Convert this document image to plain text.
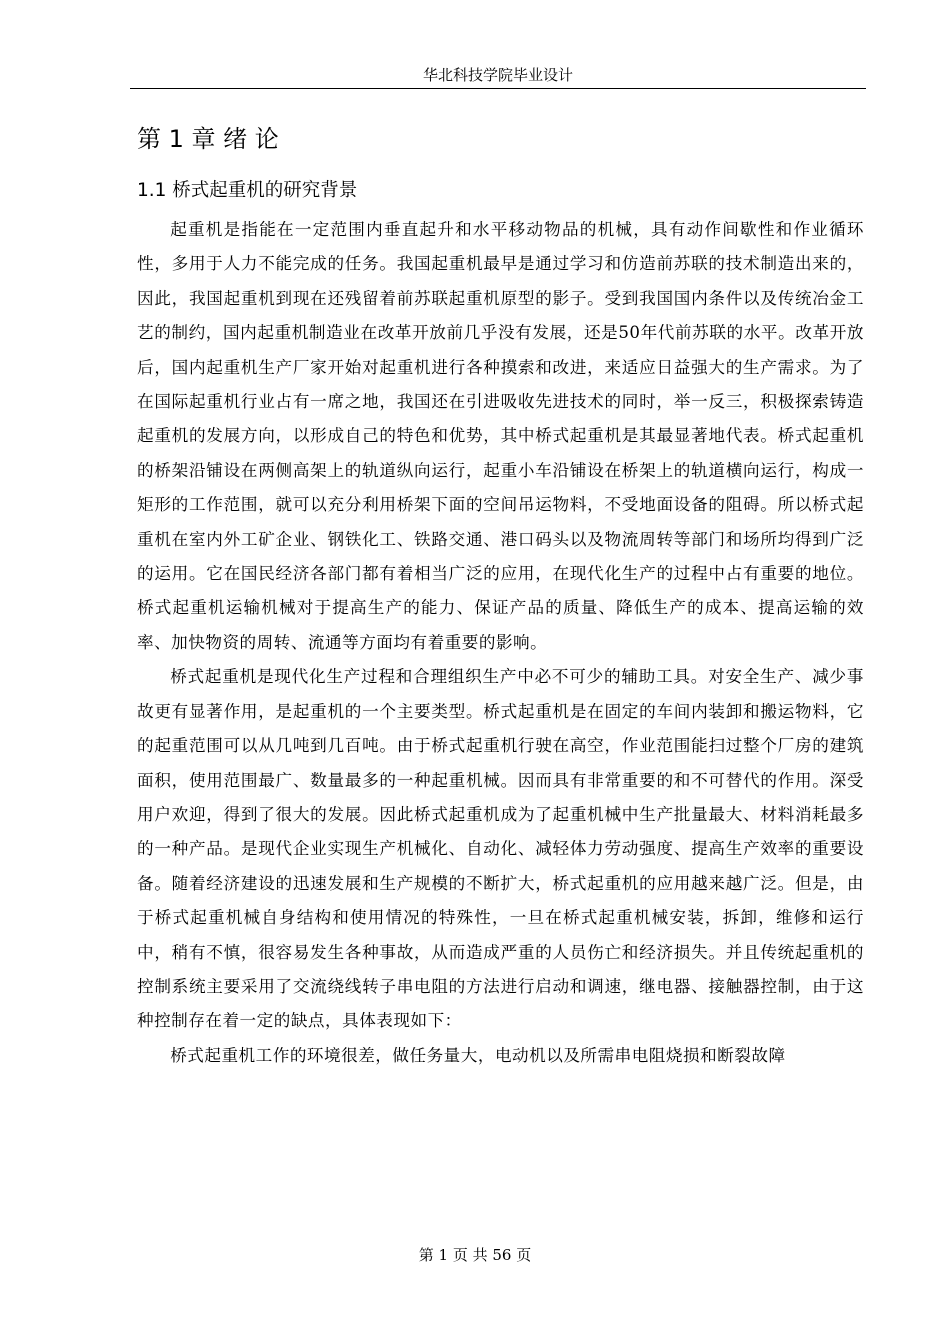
华北科技学院毕业设计
第 1 章 绪 论
1.1 桥式起重机的研究背景

起重机是指能在一定范围内垂直起升和水平移动物品的机械，具有动作间歇性和作业循环性，多用于人力不能完成的任务。我国起重机最早是通过学习和仿造前苏联的技术制造出来的，因此，我国起重机到现在还残留着前苏联起重机原型的影子。受到我国国内条件以及传统冶金工艺的制约，国内起重机制造业在改革开放前几乎没有发展，还是50年代前苏联的水平。改革开放后，国内起重机生产厂家开始对起重机进行各种摸索和改进，来适应日益强大的生产需求。为了在国际起重机行业占有一席之地，我国还在引进吸收先进技术的同时，举一反三，积极探索铸造起重机的发展方向，以形成自己的特色和优势，其中桥式起重机是其最显著地代表。桥式起重机的桥架沿铺设在两侧高架上的轨道纵向运行，起重小车沿铺设在桥架上的轨道横向运行，构成一矩形的工作范围，就可以充分利用桥架下面的空间吊运物料，不受地面设备的阻碍。所以桥式起重机在室内外工矿企业、钢铁化工、铁路交通、港口码头以及物流周转等部门和场所均得到广泛的运用。它在国民经济各部门都有着相当广泛的应用，在现代化生产的过程中占有重要的地位。桥式起重机运输机械对于提高生产的能力、保证产品的质量、降低生产的成本、提高运输的效率、加快物资的周转、流通等方面均有着重要的影响。

桥式起重机是现代化生产过程和合理组织生产中必不可少的辅助工具。对安全生产、减少事故更有显著作用，是起重机的一个主要类型。桥式起重机是在固定的车间内装卸和搬运物料，它的起重范围可以从几吨到几百吨。由于桥式起重机行驶在高空，作业范围能扫过整个厂房的建筑面积，使用范围最广、数量最多的一种起重机械。因而具有非常重要的和不可替代的作用。深受用户欢迎，得到了很大的发展。因此桥式起重机成为了起重机械中生产批量最大、材料消耗最多的一种产品。是现代企业实现生产机械化、自动化、减轻体力劳动强度、提高生产效率的重要设备。随着经济建设的迅速发展和生产规模的不断扩大，桥式起重机的应用越来越广泛。但是，由于桥式起重机械自身结构和使用情况的特殊性，一旦在桥式起重机械安装，拆卸，维修和运行中，稍有不慎，很容易发生各种事故，从而造成严重的人员伤亡和经济损失。并且传统起重机的控制系统主要采用了交流绕线转子串电阻的方法进行启动和调速，继电器、接触器控制，由于这种控制存在着一定的缺点，具体表现如下：

桥式起重机工作的环境很差，做任务量大，电动机以及所需串电阻烧损和断裂故障

第 1 页 共 56 页
